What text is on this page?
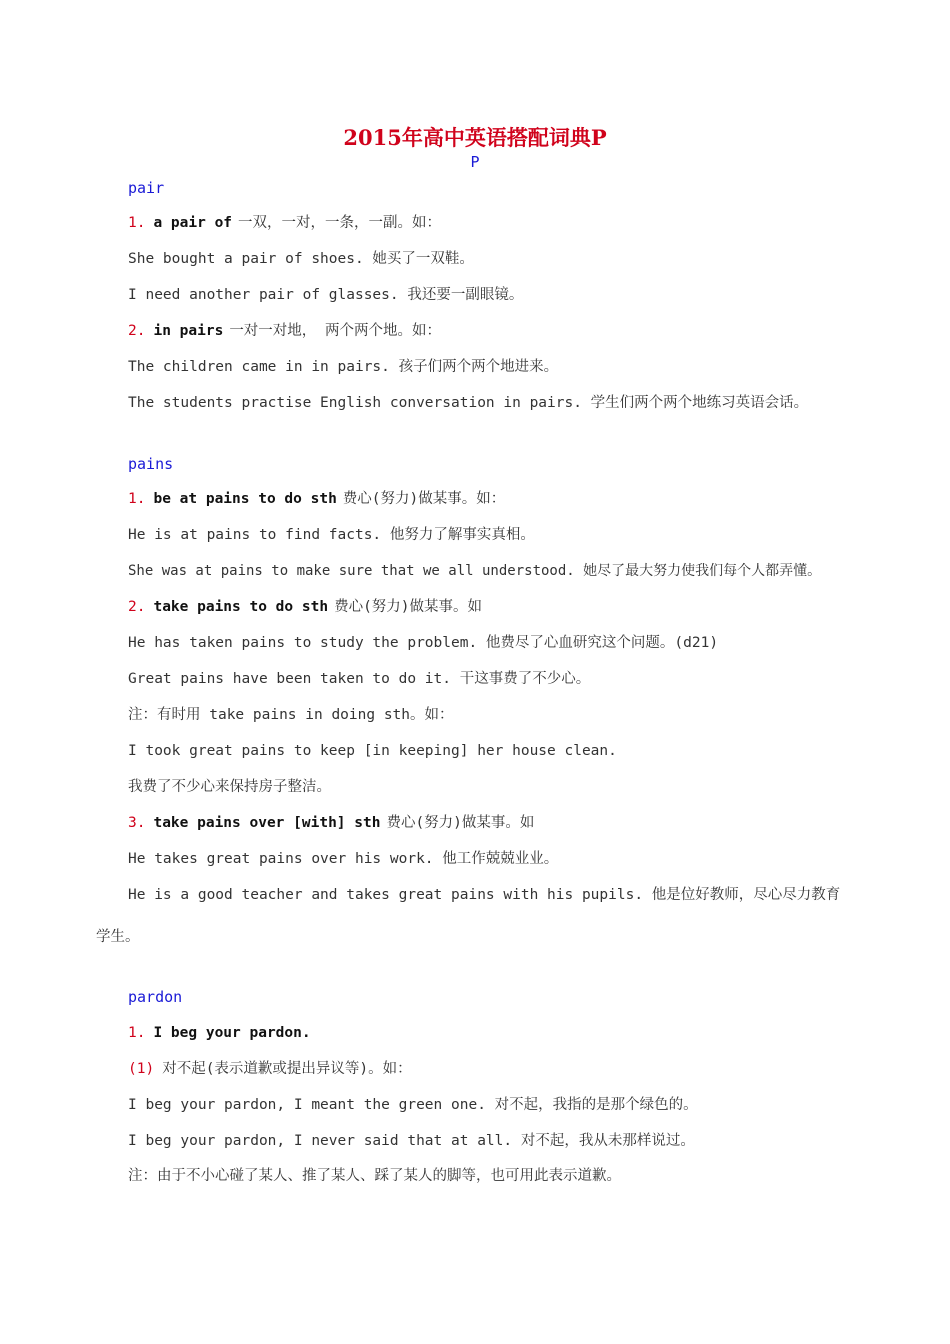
2015年高中英语搭配词典P
P
pair
1. a pair of 一双，一对，一条，一副。如：
She bought a pair of shoes. 她买了一双鞋。
I need another pair of glasses. 我还要一副眼镜。
2. in pairs 一对一对地， 两个两个地。如：
The children came in in pairs. 孩子们两个两个地进来。
The students practise English conversation in pairs. 学生们两个两个地练习英语会话。
pains
1. be at pains to do sth 费心(努力)做某事。如：
He is at pains to find facts. 他努力了解事实真相。
She was at pains to make sure that we all understood. 她尽了最大努力使我们每个人都弄懂。
2. take pains to do sth 费心(努力)做某事。如
He has taken pains to study the problem. 他费尽了心血研究这个问题。(d21)
Great pains have been taken to do it. 干这事费了不少心。
注：有时用 take pains in doing sth。如：
I took great pains to keep [in keeping] her house clean.
我费了不少心来保持房子整洁。
3. take pains over [with] sth 费心(努力)做某事。如
He takes great pains over his work. 他工作兢兢业业。
He is a good teacher and takes great pains with his pupils. 他是位好教师，尽心尽力教育
学生。
pardon
1. I beg your pardon.
(1) 对不起(表示道歉或提出异议等)。如：
I beg your pardon, I meant the green one. 对不起，我指的是那个绿色的。
I beg your pardon, I never said that at all. 对不起，我从未那样说过。
注：由于不小心碰了某人、推了某人、踩了某人的脚等，也可用此表示道歉。
